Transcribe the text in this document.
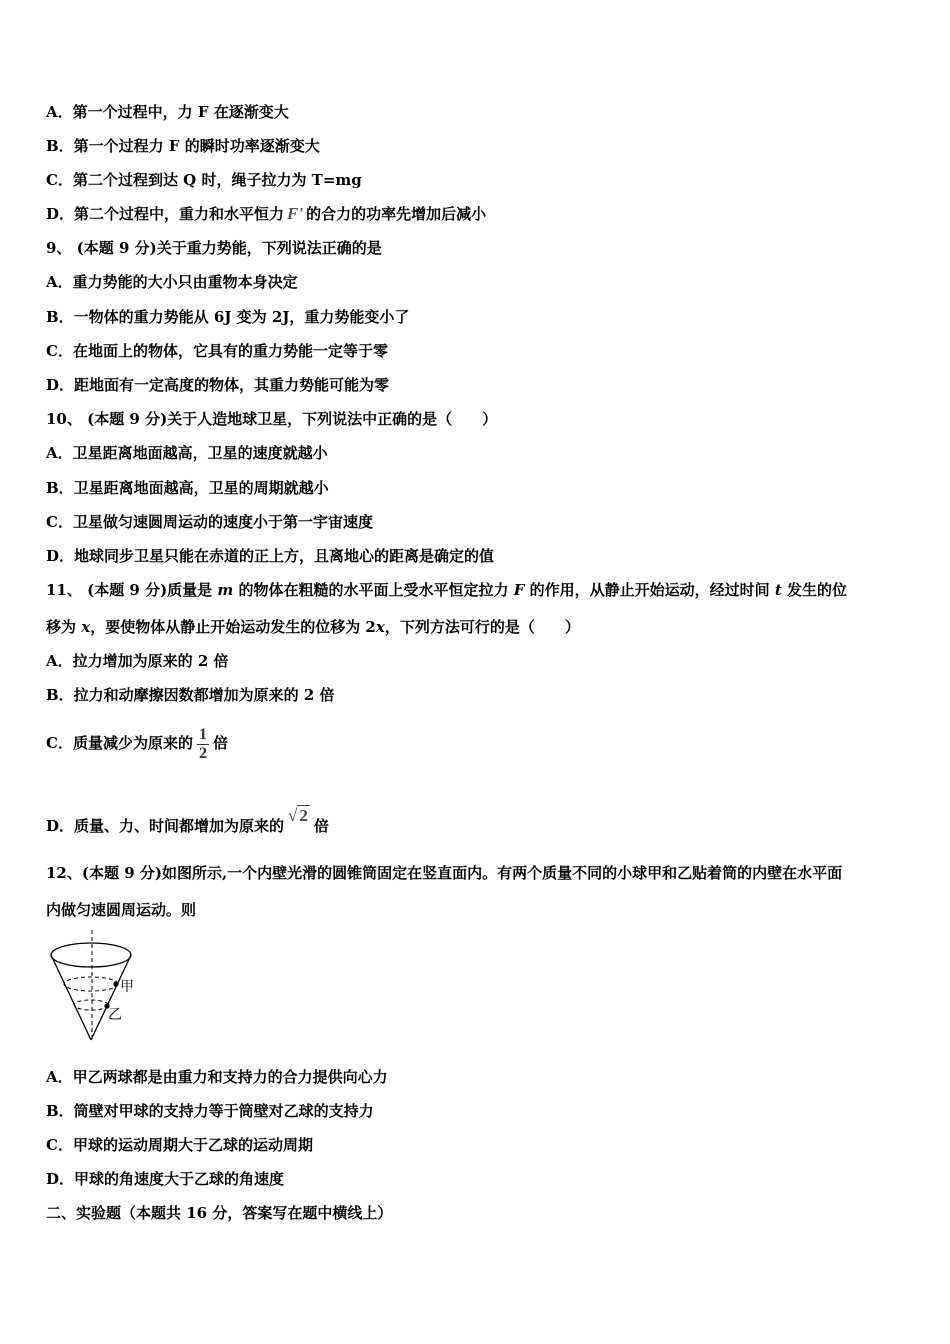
A．第一个过程中，力 F 在逐渐变大
B．第一个过程力 F 的瞬时功率逐渐变大
C．第二个过程到达 Q 时，绳子拉力为 T=mg
D．第二个过程中，重力和水平恒力 F' 的合力的功率先增加后减小
9、 (本题 9 分)关于重力势能，下列说法正确的是
A．重力势能的大小只由重物本身决定
B．一物体的重力势能从 6J 变为 2J，重力势能变小了
C．在地面上的物体，它具有的重力势能一定等于零
D．距地面有一定高度的物体，其重力势能可能为零
10、 (本题 9 分)关于人造地球卫星，下列说法中正确的是（　　）
A．卫星距离地面越高，卫星的速度就越小
B．卫星距离地面越高，卫星的周期就越小
C．卫星做匀速圆周运动的速度小于第一宇宙速度
D．地球同步卫星只能在赤道的正上方，且离地心的距离是确定的值
11、 (本题 9 分)质量是 m 的物体在粗糙的水平面上受水平恒定拉力 F 的作用，从静止开始运动，经过时间 t 发生的位
移为 x，要使物体从静止开始运动发生的位移为 2x，下列方法可行的是（　　）
A．拉力增加为原来的 2 倍
B．拉力和动摩擦因数都增加为原来的 2 倍
C．质量减少为原来的 $\frac{1}{2}$ 倍
D．质量、力、时间都增加为原来的√ 2倍
12、(本题 9 分)如图所示,一个内壁光滑的圆锥筒固定在竖直面内。有两个质量不同的小球甲和乙贴着筒的内壁在水平面
内做匀速圆周运动。则
甲
乙
A．甲乙两球都是由重力和支持力的合力提供向心力
B．筒壁对甲球的支持力等于筒壁对乙球的支持力
C．甲球的运动周期大于乙球的运动周期
D．甲球的角速度大于乙球的角速度
二、实验题（本题共 16 分，答案写在题中横线上）
